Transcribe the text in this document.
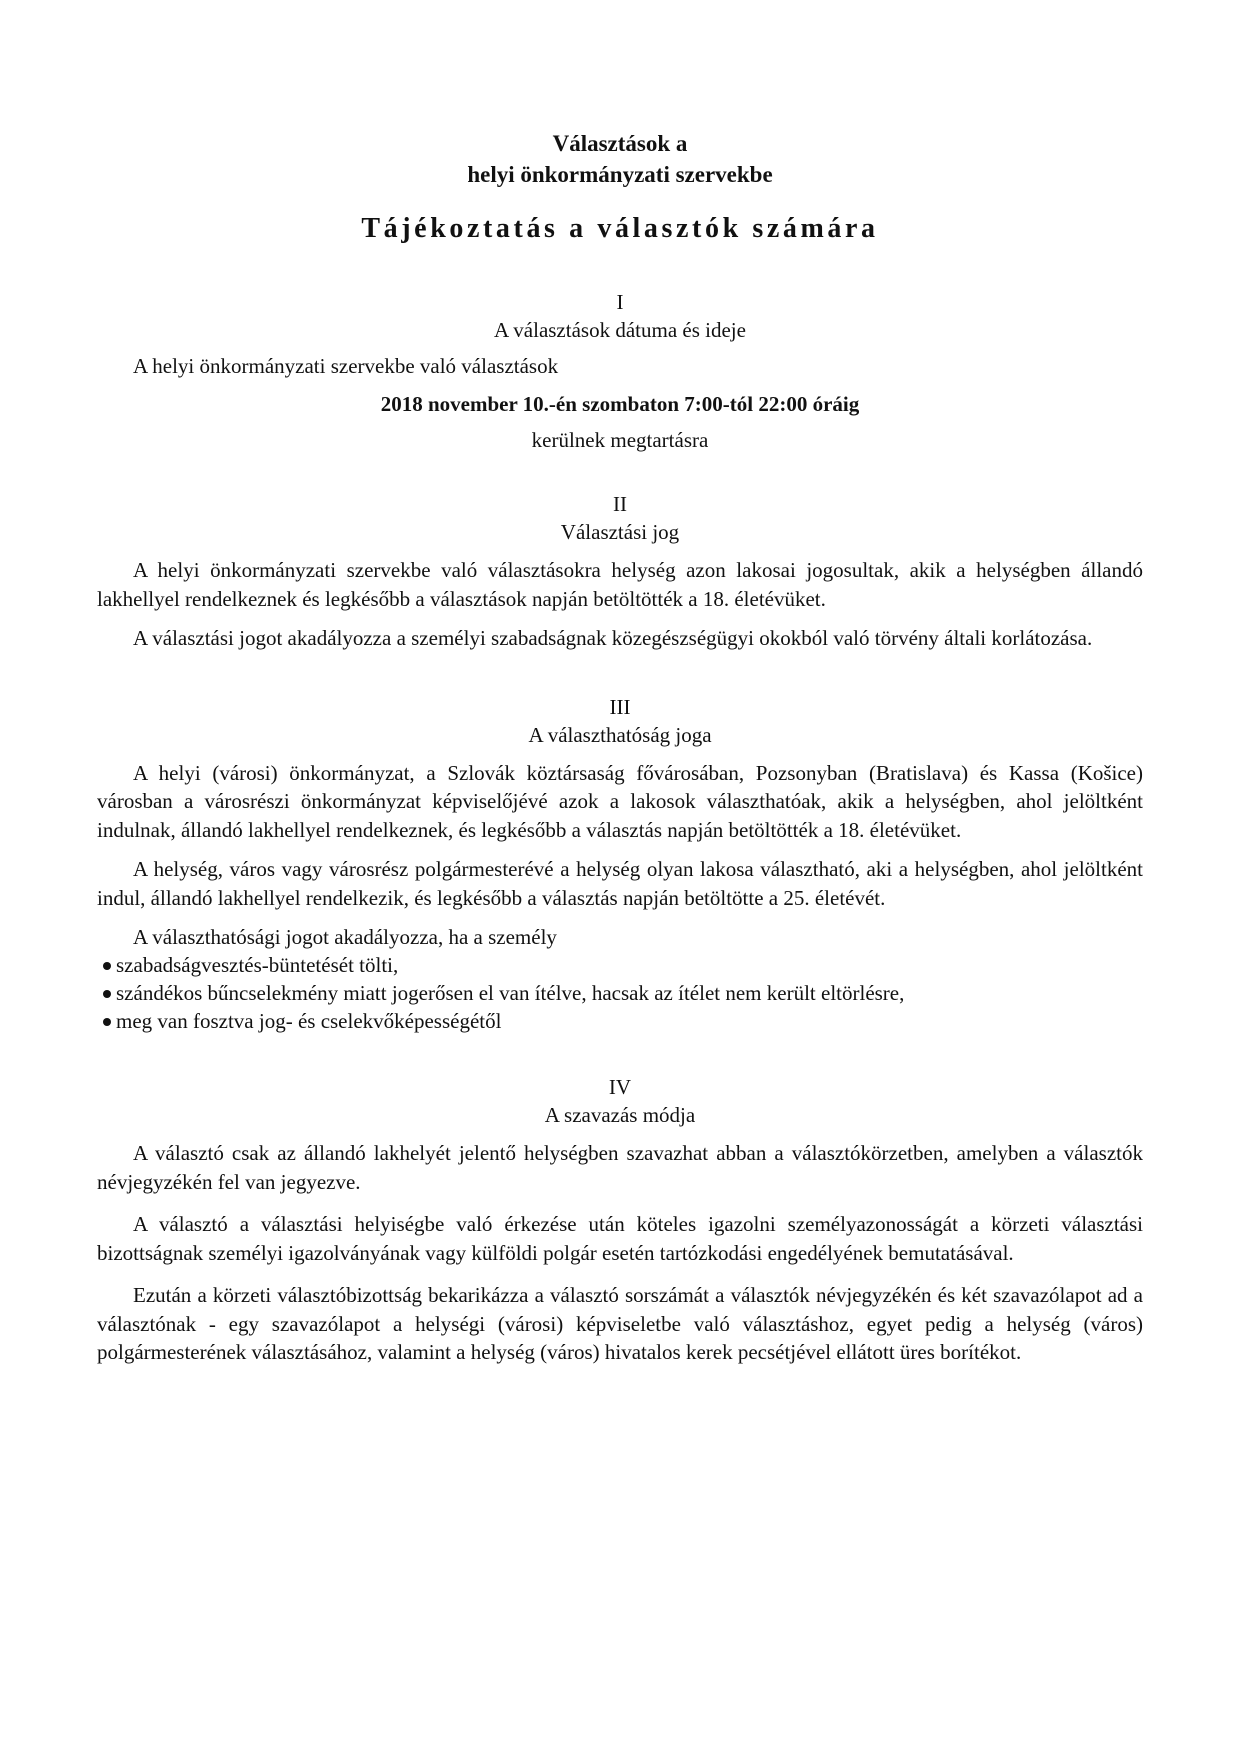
Választások a

helyi önkormányzati szervekbe

Tájékoztatás a választók számára

I

A választások dátuma és ideje

A helyi önkormányzati szervekbe való választások

2018 november 10.-én szombaton 7:00-tól 22:00 óráig

kerülnek megtartásra

II

Választási jog

A helyi önkormányzati szervekbe való választásokra helység azon lakosai jogosultak, akik a helységben állandó lakhellyel rendelkeznek és legkésőbb a választások napján betöltötték a 18. életévüket.

A választási jogot akadályozza a személyi szabadságnak közegészségügyi okokból való törvény általi korlátozása.

III

A választhatóság joga

A helyi (városi) önkormányzat, a Szlovák köztársaság fővárosában, Pozsonyban (Bratislava) és Kassa (Košice) városban a városrészi önkormányzat képviselőjévé azok a lakosok választhatóak, akik a helységben, ahol jelöltként indulnak, állandó lakhellyel rendelkeznek, és legkésőbb a választás napján betöltötték a 18. életévüket.

A helység, város vagy városrész polgármesterévé a helység olyan lakosa választható, aki a helységben, ahol jelöltként indul, állandó lakhellyel rendelkezik, és legkésőbb a választás napján betöltötte a 25. életévét.

A választhatósági jogot akadályozza, ha a személy

szabadságvesztés-büntetését tölti,
szándékos bűncselekmény miatt jogerősen el van ítélve, hacsak az ítélet nem került eltörlésre,
meg van fosztva jog- és cselekvőképességétől

IV

A szavazás módja

A választó csak az állandó lakhelyét jelentő helységben szavazhat abban a választókörzetben, amelyben a választók névjegyzékén fel van jegyezve.

A választó a választási helyiségbe való érkezése után köteles igazolni személyazonosságát a körzeti választási bizottságnak személyi igazolványának vagy külföldi polgár esetén tartózkodási engedélyének bemutatásával.

Ezután a körzeti választóbizottság bekarikázza a választó sorszámát a választók névjegyzékén és két szavazólapot ad a választónak - egy szavazólapot a helységi (városi) képviseletbe való választáshoz, egyet pedig a helység (város) polgármesterének választásához, valamint a helység (város) hivatalos kerek pecsétjével ellátott üres borítékot.
